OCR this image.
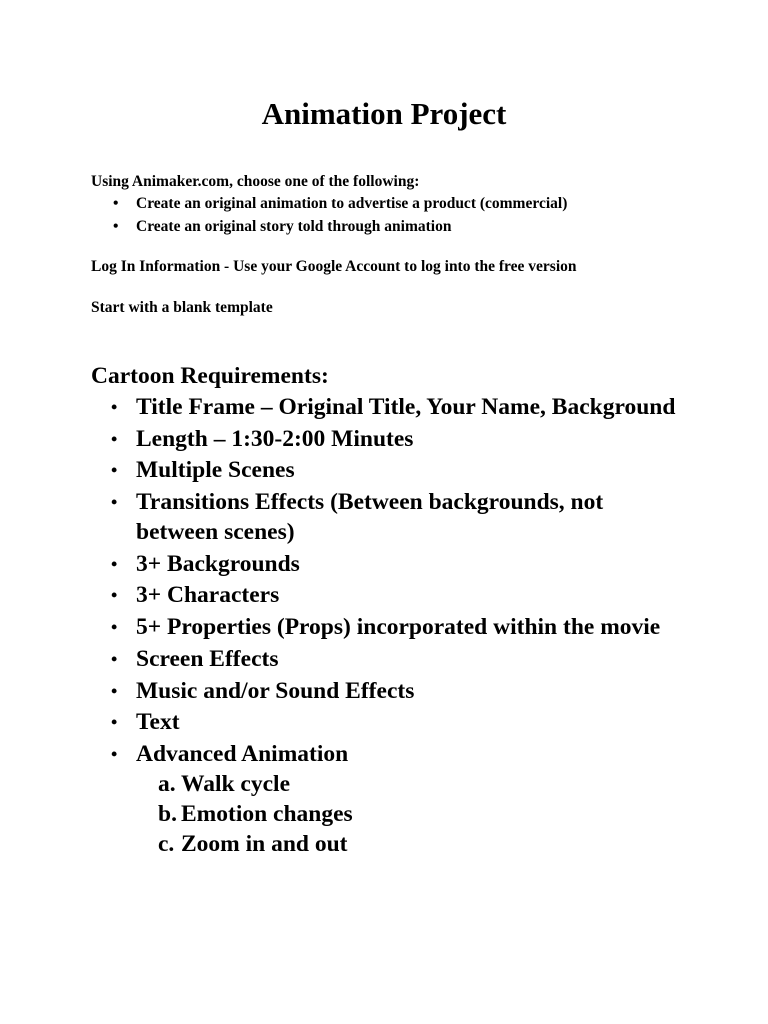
Animation Project

Using Animaker.com, choose one of the following:

• Create an original animation to advertise a product (commercial)
• Create an original story told through animation

Log In Information - Use your Google Account to log into the free version

Start with a blank template

Cartoon Requirements:
• Title Frame – Original Title, Your Name, Background
• Length – 1:30-2:00 Minutes
• Multiple Scenes
• Transitions Effects (Between backgrounds, not between scenes)
• 3+ Backgrounds
• 3+ Characters
• 5+ Properties (Props) incorporated within the movie
• Screen Effects
• Music and/or Sound Effects
• Text
• Advanced Animation
a. Walk cycle
b. Emotion changes
c. Zoom in and out
